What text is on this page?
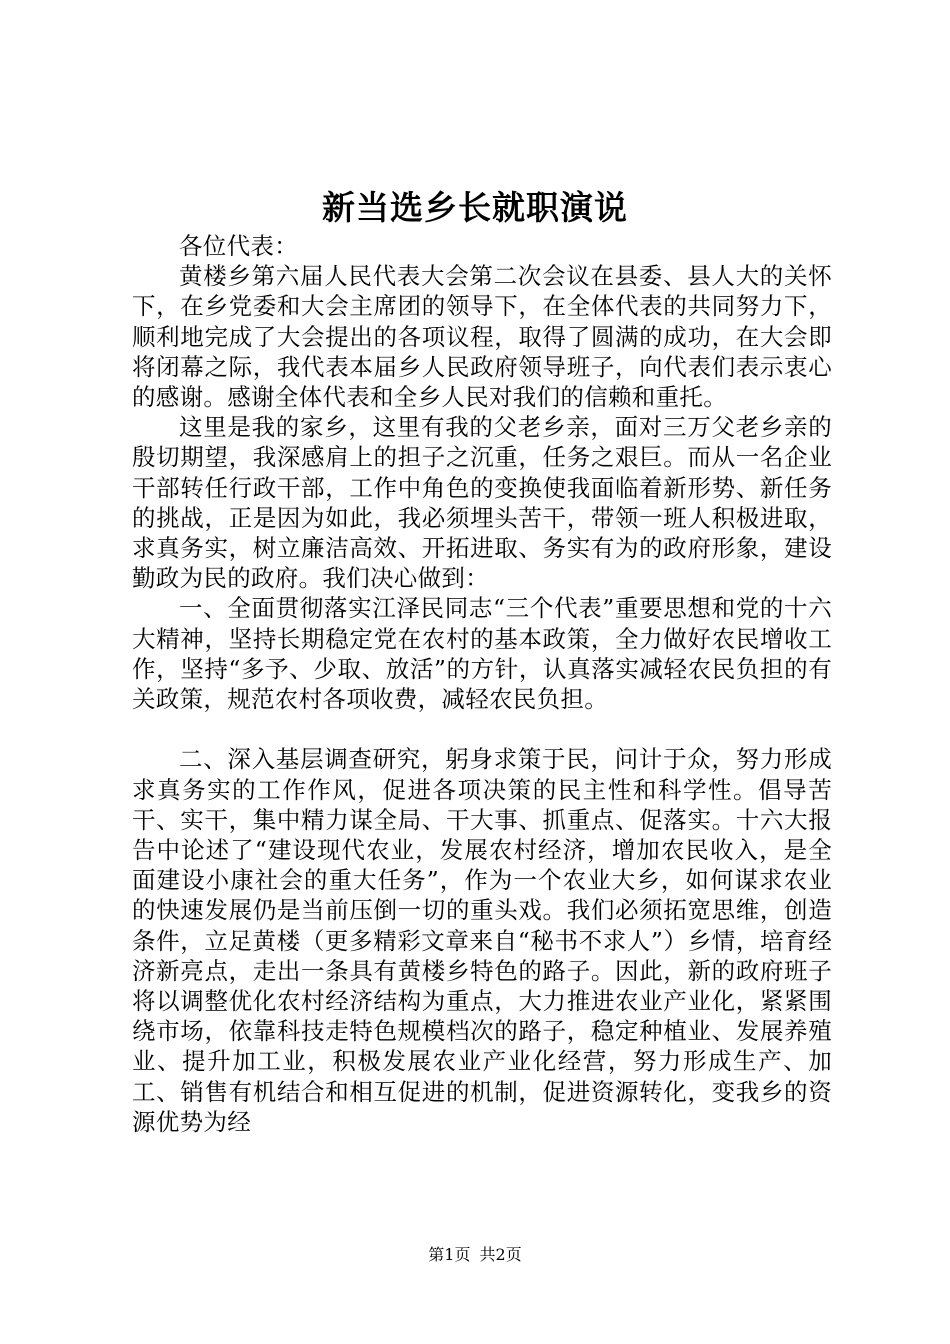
新当选乡长就职演说

各位代表：

黄楼乡第六届人民代表大会第二次会议在县委、县人大的关怀下，在乡党委和大会主席团的领导下，在全体代表的共同努力下，顺利地完成了大会提出的各项议程，取得了圆满的成功，在大会即将闭幕之际，我代表本届乡人民政府领导班子，向代表们表示衷心的感谢。感谢全体代表和全乡人民对我们的信赖和重托。

这里是我的家乡，这里有我的父老乡亲，面对三万父老乡亲的殷切期望，我深感肩上的担子之沉重，任务之艰巨。而从一名企业干部转任行政干部，工作中角色的变换使我面临着新形势、新任务的挑战，正是因为如此，我必须埋头苦干，带领一班人积极进取，求真务实，树立廉洁高效、开拓进取、务实有为的政府形象，建设勤政为民的政府。我们决心做到：

一、全面贯彻落实江泽民同志“三个代表”重要思想和党的十六大精神，坚持长期稳定党在农村的基本政策，全力做好农民增收工作，坚持“多予、少取、放活”的方针，认真落实减轻农民负担的有关政策，规范农村各项收费，减轻农民负担。

二、深入基层调查研究，躬身求策于民，问计于众，努力形成求真务实的工作作风，促进各项决策的民主性和科学性。倡导苦干、实干，集中精力谋全局、干大事、抓重点、促落实。十六大报告中论述了“建设现代农业，发展农村经济，增加农民收入，是全面建设小康社会的重大任务”，作为一个农业大乡，如何谋求农业的快速发展仍是当前压倒一切的重头戏。我们必须拓宽思维，创造条件，立足黄楼（更多精彩文章来自“秘书不求人”）乡情，培育经济新亮点，走出一条具有黄楼乡特色的路子。因此，新的政府班子将以调整优化农村经济结构为重点，大力推进农业产业化，紧紧围绕市场，依靠科技走特色规模档次的路子，稳定种植业、发展养殖业、提升加工业，积极发展农业产业化经营，努力形成生产、加工、销售有机结合和相互促进的机制，促进资源转化，变我乡的资源优势为经

第1页 共2页
